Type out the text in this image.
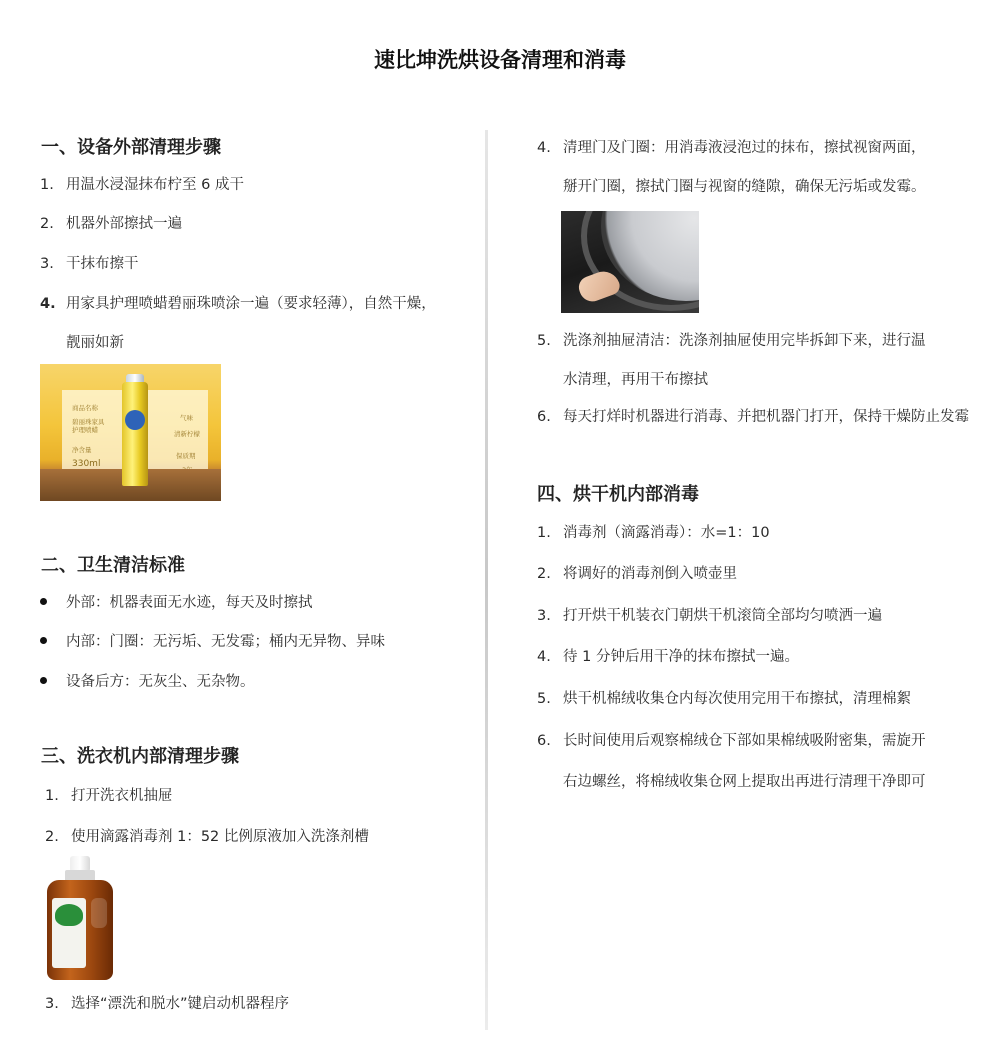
速比坤洗烘设备清理和消毒
一、设备外部清理步骤
1. 用温水浸湿抹布柠至 6 成干
2. 机器外部擦拭一遍
3. 干抹布擦干
4. 用家具护理喷蜡碧丽珠喷涂一遍（要求轻薄），自然干燥，
靓丽如新
商品名称
碧丽珠家具
护理喷蜡
净含量
330ml
气味
清新柠檬
保质期
二、卫生清洁标准
外部：机器表面无水迹，每天及时擦拭
内部：门圈：无污垢、无发霉；桶内无异物、异味
设备后方：无灰尘、无杂物。
三、洗衣机内部清理步骤
1. 打开洗衣机抽屉
2. 使用滴露消毒剂 1：52 比例原液加入洗涤剂槽
3. 选择“漂洗和脱水”键启动机器程序
4. 清理门及门圈：用消毒液浸泡过的抹布，擦拭视窗两面，
掰开门圈，擦拭门圈与视窗的缝隙，确保无污垢或发霉。
5. 洗涤剂抽屉清洁：洗涤剂抽屉使用完毕拆卸下来，进行温
水清理，再用干布擦拭
6. 每天打烊时机器进行消毒、并把机器门打开，保持干燥防止发霉
四、烘干机内部消毒
1. 消毒剂（滴露消毒）：水=1：10
2. 将调好的消毒剂倒入喷壶里
3. 打开烘干机装衣门朝烘干机滚筒全部均匀喷洒一遍
4. 待 1 分钟后用干净的抹布擦拭一遍。
5. 烘干机棉绒收集仓内每次使用完用干布擦拭，清理棉絮
6. 长时间使用后观察棉绒仓下部如果棉绒吸附密集，需旋开
右边螺丝，将棉绒收集仓网上提取出再进行清理干净即可
